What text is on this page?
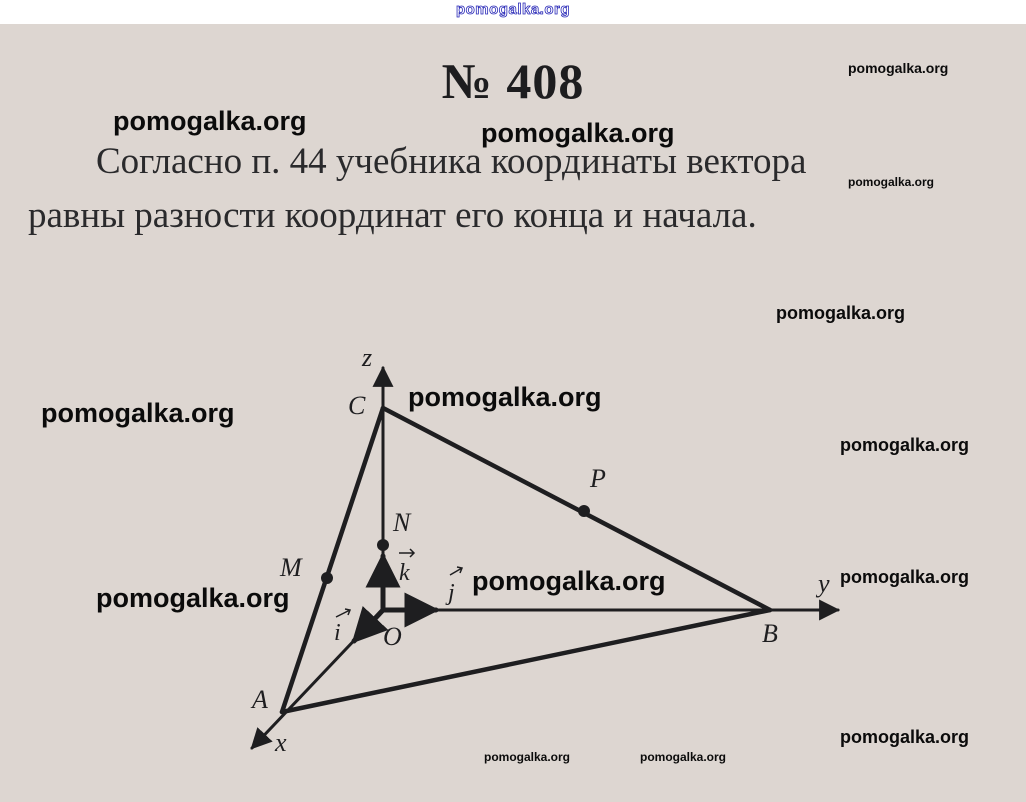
pomogalka.org
№ 408
Согласно п. 44 учебника координаты вектора
равны разности координат его конца и начала.
z
y
x
C
B
A
O
M
N
P
k
j
i
pomogalka.org
pomogalka.org	pomogalka.org
pomogalka.org
pomogalka.org
pomogalka.org
pomogalka.org
pomogalka.org
pomogalka.org	pomogalka.org
pomogalka.org
pomogalka.org
pomogalka.org	pomogalka.org
